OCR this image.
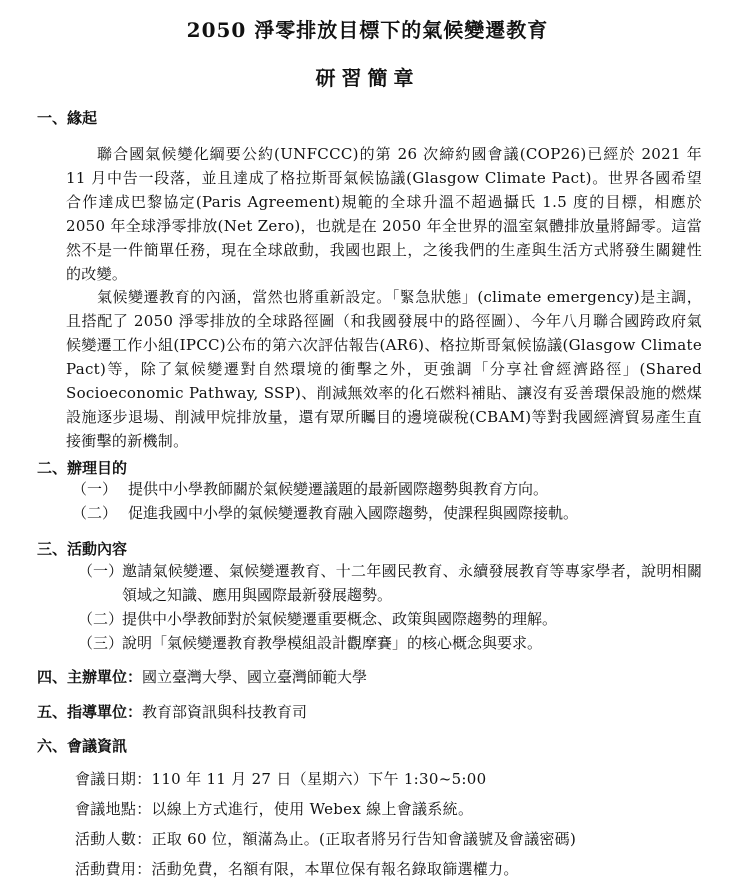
2050 淨零排放目標下的氣候變遷教育
研習簡章
一、緣起
聯合國氣候變化綱要公約(UNFCCC)的第 26 次締約國會議(COP26)已經於 2021 年 11 月中告一段落，並且達成了格拉斯哥氣候協議(Glasgow Climate Pact)。世界各國希望合作達成巴黎協定(Paris Agreement)規範的全球升溫不超過攝氏 1.5 度的目標，相應於 2050 年全球淨零排放(Net Zero)，也就是在 2050 年全世界的溫室氣體排放量將歸零。這當然不是一件簡單任務，現在全球啟動，我國也跟上，之後我們的生產與生活方式將發生關鍵性的改變。
氣候變遷教育的內涵，當然也將重新設定。「緊急狀態」(climate emergency)是主調，且搭配了 2050 淨零排放的全球路徑圖（和我國發展中的路徑圖）、今年八月聯合國跨政府氣候變遷工作小組(IPCC)公布的第六次評估報告(AR6)、格拉斯哥氣候協議(Glasgow Climate Pact)等，除了氣候變遷對自然環境的衝擊之外，更強調「分享社會經濟路徑」(Shared Socioeconomic Pathway, SSP)、削減無效率的化石燃料補貼、讓沒有妥善環保設施的燃煤設施逐步退場、削減甲烷排放量，還有眾所矚目的邊境碳稅(CBAM)等對我國經濟貿易產生直接衝擊的新機制。
二、辦理目的
（一） 提供中小學教師關於氣候變遷議題的最新國際趨勢與教育方向。
（二） 促進我國中小學的氣候變遷教育融入國際趨勢，使課程與國際接軌。
三、活動內容
（一）
邀請氣候變遷、氣候變遷教育、十二年國民教育、永續發展教育等專家學者，說明相關領域之知識、應用與國際最新發展趨勢。
（二）
提供中小學教師對於氣候變遷重要概念、政策與國際趨勢的理解。
（三）
說明「氣候變遷教育教學模組設計觀摩賽」的核心概念與要求。
四、主辦單位：國立臺灣大學、國立臺灣師範大學
五、指導單位：教育部資訊與科技教育司
六、會議資訊
會議日期：110 年 11 月 27 日（星期六）下午 1:30~5:00
會議地點：以線上方式進行，使用 Webex 線上會議系統。
活動人數：正取 60 位，額滿為止。(正取者將另行告知會議號及會議密碼)
活動費用：活動免費，名額有限，本單位保有報名錄取篩選權力。
